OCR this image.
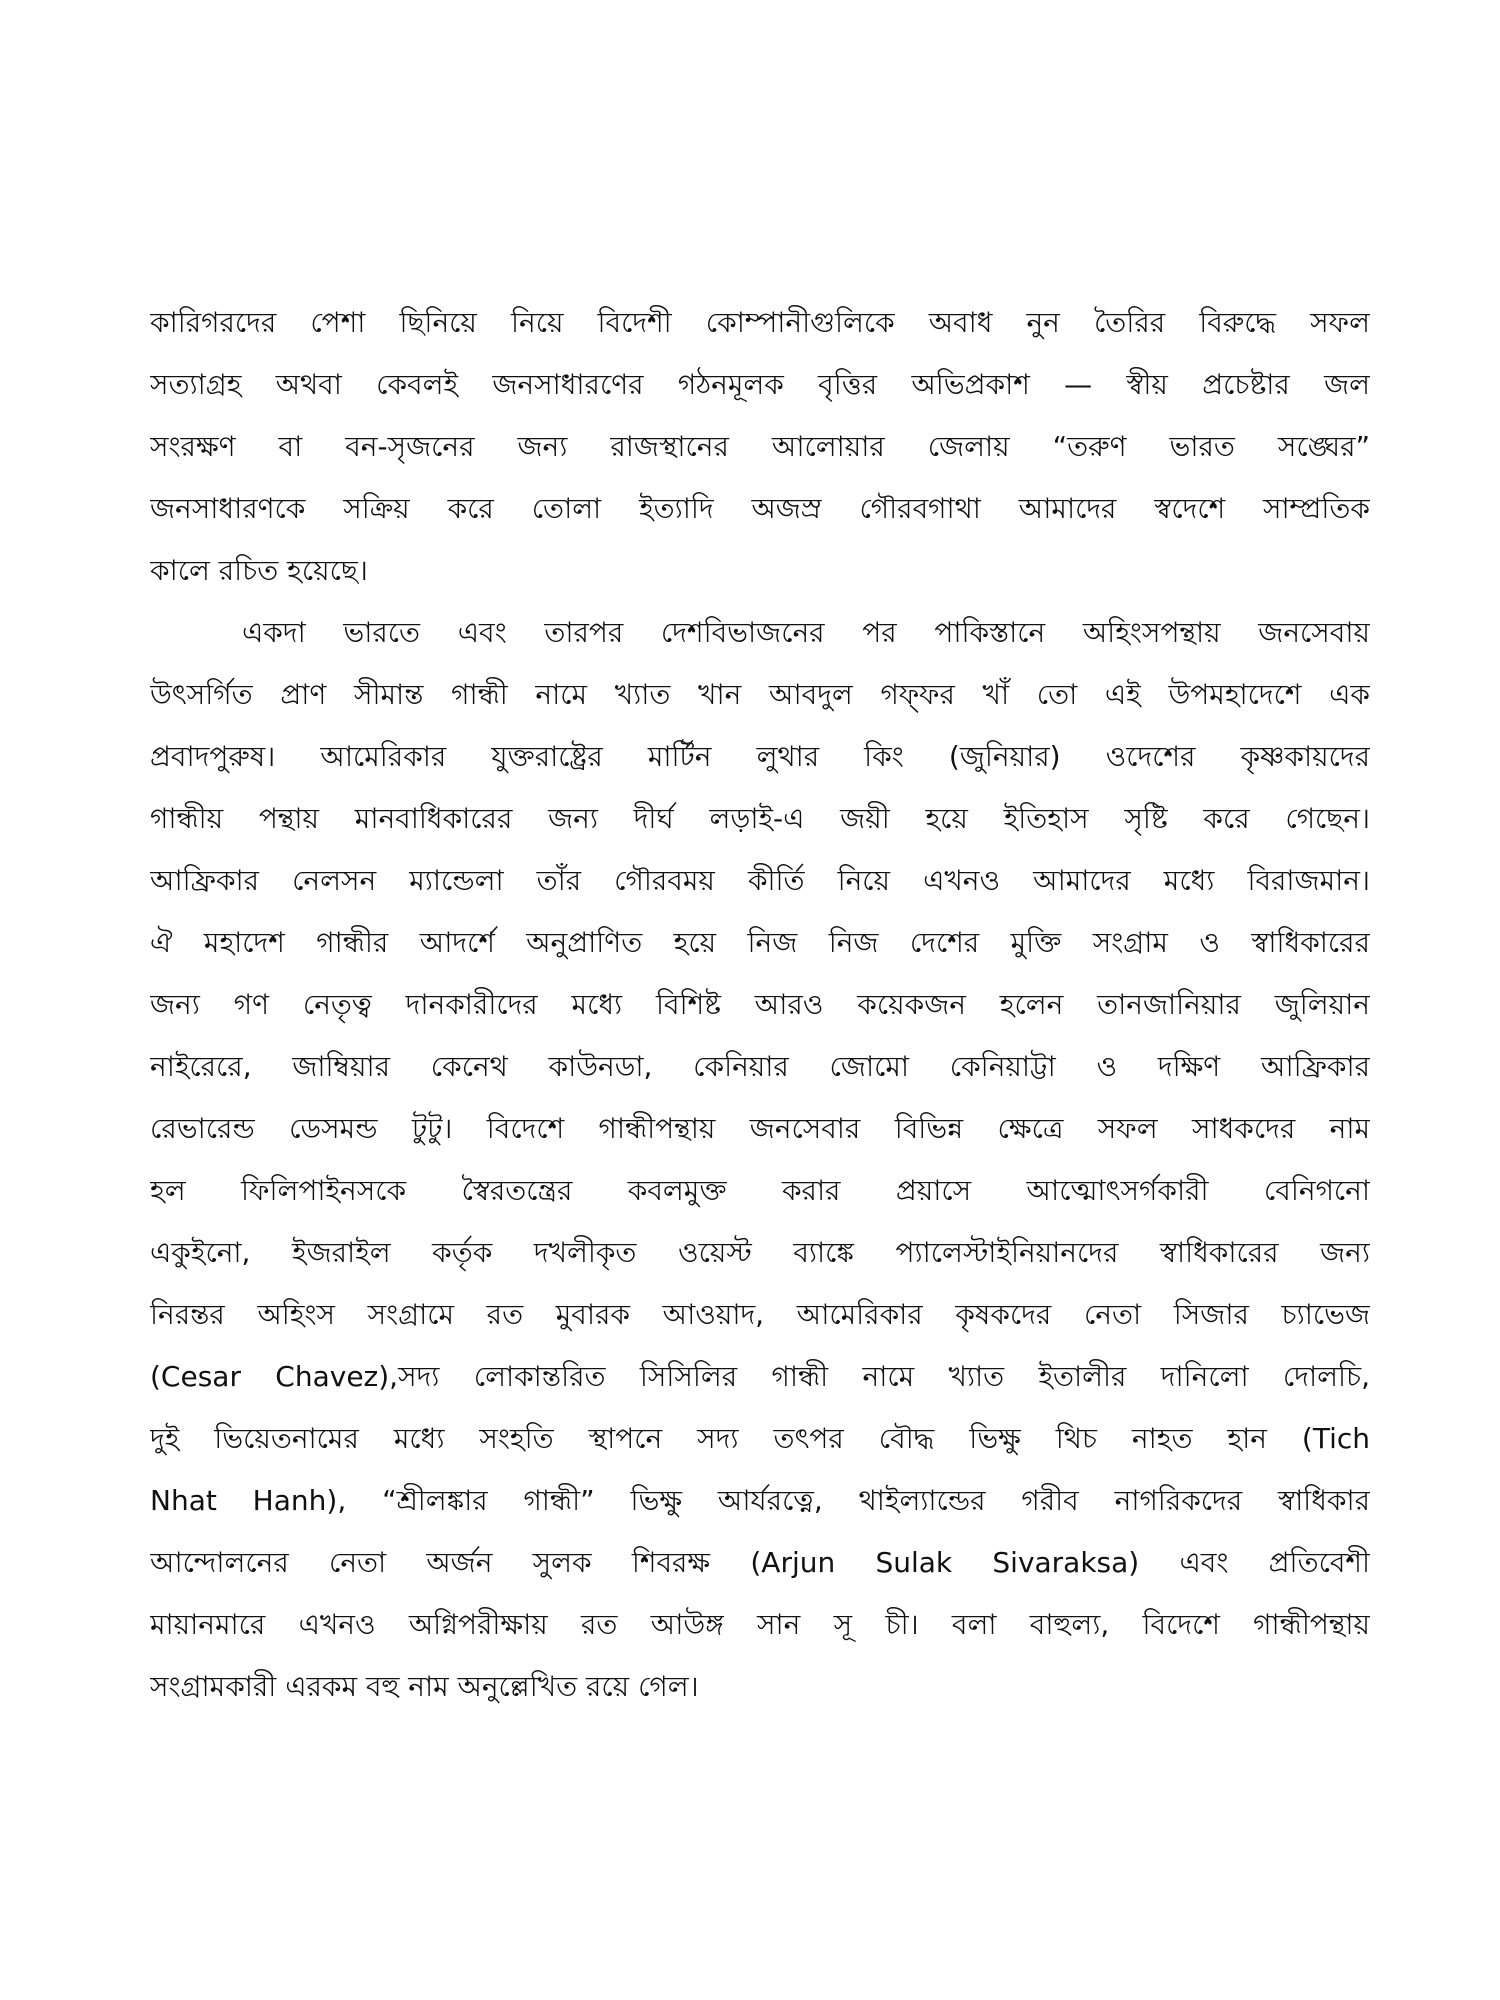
কারিগরদের পেশা ছিনিয়ে নিয়ে বিদেশী কোম্পানীগুলিকে অবাধ নুন তৈরির বিরুদ্ধে সফল
সত্যাগ্রহ অথবা কেবলই জনসাধারণের গঠনমূলক বৃত্তির অভিপ্রকাশ — স্বীয় প্রচেষ্টার জল
সংরক্ষণ বা বন-সৃজনের জন্য রাজস্থানের আলোয়ার জেলায় “তরুণ ভারত সঙ্ঘের”
জনসাধারণকে সক্রিয় করে তোলা ইত্যাদি অজস্র গৌরবগাথা আমাদের স্বদেশে সাম্প্রতিক
কালে রচিত হয়েছে।
একদা ভারতে এবং তারপর দেশবিভাজনের পর পাকিস্তানে অহিংসপন্থায় জনসেবায়
উৎসর্গিত প্রাণ সীমান্ত গান্ধী নামে খ্যাত খান আবদুল গফ্ফর খাঁ তো এই উপমহাদেশে এক
প্রবাদপুরুষ। আমেরিকার যুক্তরাষ্ট্রের মার্টিন লুথার কিং (জুনিয়ার) ওদেশের কৃষ্ণকায়দের
গান্ধীয় পন্থায় মানবাধিকারের জন্য দীর্ঘ লড়াই-এ জয়ী হয়ে ইতিহাস সৃষ্টি করে গেছেন।
আফ্রিকার নেলসন ম্যান্ডেলা তাঁর গৌরবময় কীর্তি নিয়ে এখনও আমাদের মধ্যে বিরাজমান।
ঐ মহাদেশ গান্ধীর আদর্শে অনুপ্রাণিত হয়ে নিজ নিজ দেশের মুক্তি সংগ্রাম ও স্বাধিকারের
জন্য গণ নেতৃত্ব দানকারীদের মধ্যে বিশিষ্ট আরও কয়েকজন হলেন তানজানিয়ার জুলিয়ান
নাইরেরে, জাম্বিয়ার কেনেথ কাউনডা, কেনিয়ার জোমো কেনিয়াট্টা ও দক্ষিণ আফ্রিকার
রেভারেন্ড ডেসমন্ড টুটু। বিদেশে গান্ধীপন্থায় জনসেবার বিভিন্ন ক্ষেত্রে সফল সাধকদের নাম
হল ফিলিপাইনসকে স্বৈরতন্ত্রের কবলমুক্ত করার প্রয়াসে আত্মোৎসর্গকারী বেনিগনো
একুইনো, ইজরাইল কর্তৃক দখলীকৃত ওয়েস্ট ব্যাঙ্কে প্যালেস্টাইনিয়ানদের স্বাধিকারের জন্য
নিরন্তর অহিংস সংগ্রামে রত মুবারক আওয়াদ, আমেরিকার কৃষকদের নেতা সিজার চ্যাভেজ
(Cesar Chavez),সদ্য লোকান্তরিত সিসিলির গান্ধী নামে খ্যাত ইতালীর দানিলো দোলচি,
দুই ভিয়েতনামের মধ্যে সংহতি স্থাপনে সদ্য তৎপর বৌদ্ধ ভিক্ষু থিচ নাহত হান (Tich
Nhat Hanh), “শ্রীলঙ্কার গান্ধী” ভিক্ষু আর্যরত্নে, থাইল্যান্ডের গরীব নাগরিকদের স্বাধিকার
আন্দোলনের নেতা অর্জন সুলক শিবরক্ষ (Arjun Sulak Sivaraksa) এবং প্রতিবেশী
মায়ানমারে এখনও অগ্নিপরীক্ষায় রত আউঙ্গ সান সূ চী। বলা বাহুল্য, বিদেশে গান্ধীপন্থায়
সংগ্রামকারী এরকম বহু নাম অনুল্লেখিত রয়ে গেল।
